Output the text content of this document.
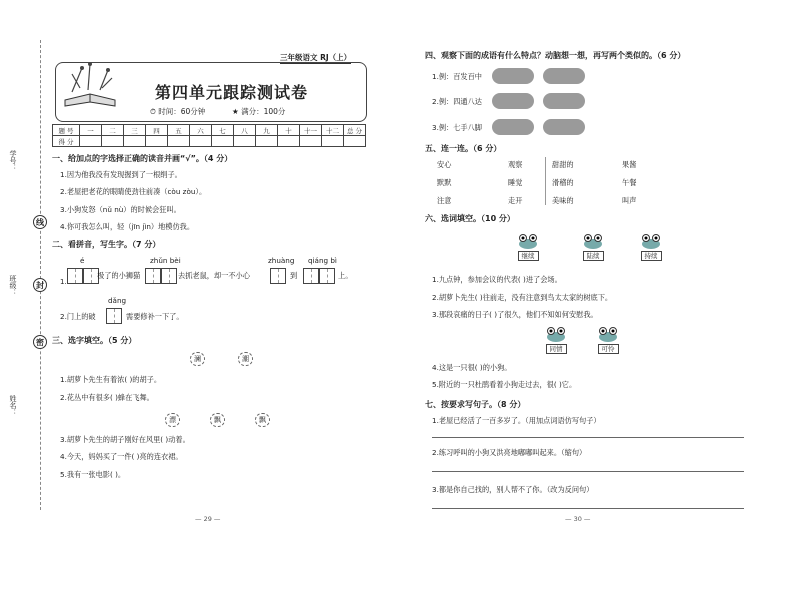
学号：
班级：
姓名：
线
封
密
三年级语文 RJ（上）
第四单元跟踪测试卷
⏱ 时间：60分钟	★ 满分：100分
题 号	一	二	三	四	五	六	七	八	九	十	十一	十二	总 分
得 分													
一、给加点的字选择正确的读音并画“√”。（4 分）
1.因为他我没有发现握到了一根绢子。
2.老屋把老花的眼睛使劲往前凑（còu zòu）。
3.小狗发怒（nǔ nù）的时候会狂叫。
4.你可我怎么叫，轻（jīn jìn）地模仿我。
二、看拼音，写生字。（7 分）
é	zhǔn bèi	zhuàng qiáng bì
1.
极了的小狮猫	去抓老鼠，却一不小心	到	上。
dǎng
2.门上的破	需要修补一下了。
三、选字填空。（5 分）
澜	潮
1.胡萝卜先生有着浓( )的胡子。
2.花丛中有很多( )蜂在飞舞。
漂	飘	飘
3.胡萝卜先生的胡子刚好在风里( )动着。
4.今天，妈妈买了一件( )亮的连衣裙。
5.我有一张电影( )。
— 29 —
四、观察下面的成语有什么特点？动脑想一想，再写两个类似的。（6 分）
1.例：百发百中
2.例：四通八达
3.例：七手八脚
五、连一连。（6 分）
安心
默默
注意
观察
睡觉
走开
甜甜的
滑稽的
美味的
果酱
午餐
叫声
六、选词填空。（10 分）

继续	陆续	持续
1.九点钟，参加会议的代表( )进了会场。
2.胡萝卜先生( )往前走，没有注意到鸟太太家的树底下。
3.那段哀痛的日子( )了很久，他们不知如何安慰我。

同情	可怜
4.这是一只很( )的小狗。
5.附近的一只杜鹃看着小狗走过去，很( )它。
七、按要求写句子。（8 分）
1.老屋已经活了一百多岁了。（用加点词语仿写句子）
2.练习呼叫的小狗又洪亮地嘟嘟叫起来。（缩句）
3.都是你自己找的，别人帮不了你。（改为反问句）
— 30 —
